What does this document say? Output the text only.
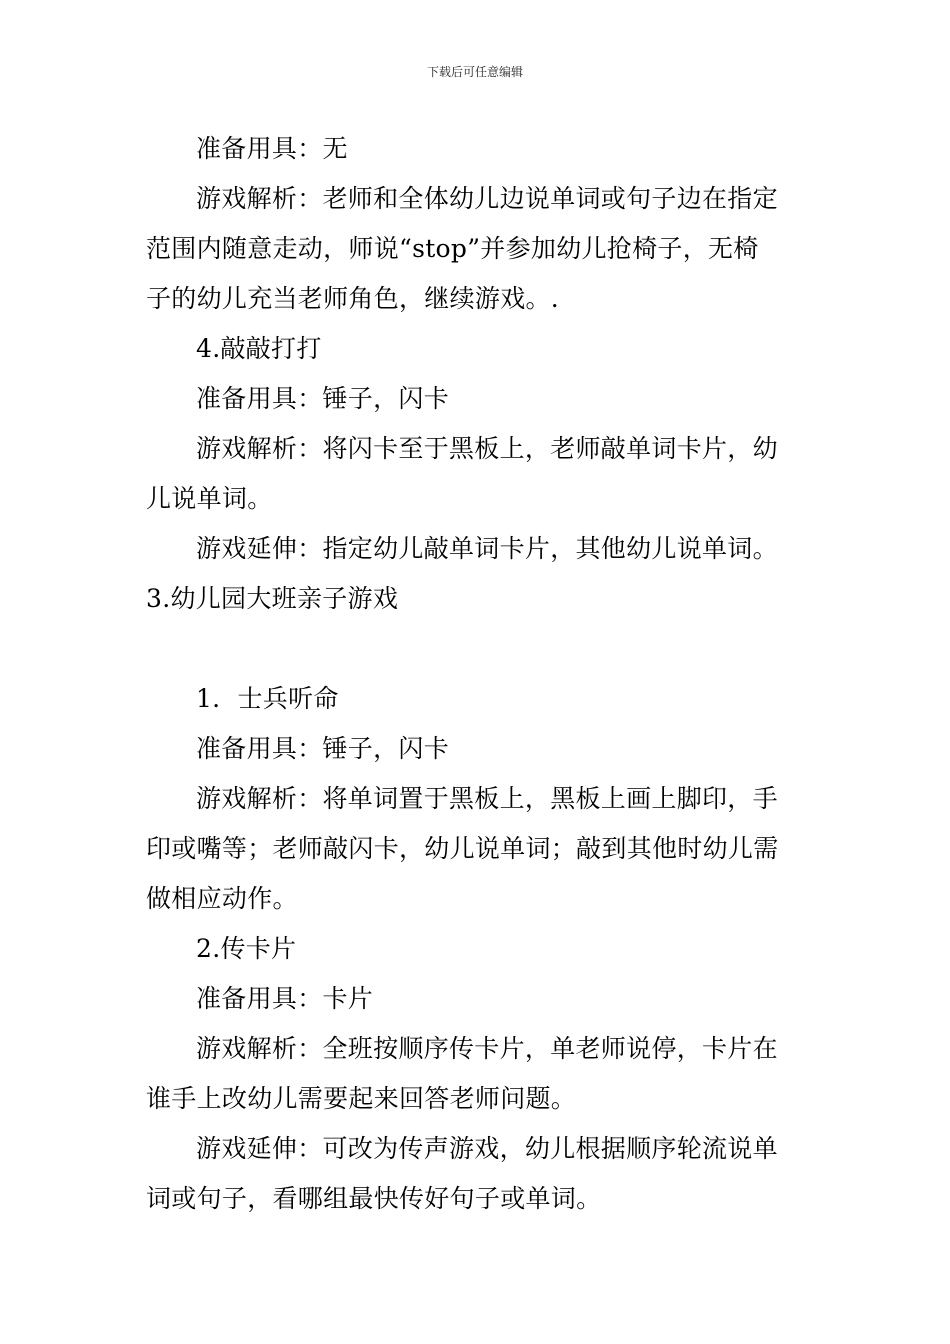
下载后可任意编辑
准备用具：无
游戏解析：老师和全体幼儿边说单词或句子边在指定
范围内随意走动，师说“stop”并参加幼儿抢椅子，无椅
子的幼儿充当老师角色，继续游戏。.
4.敲敲打打
准备用具：锤子，闪卡
游戏解析：将闪卡至于黑板上，老师敲单词卡片，幼
儿说单词。
游戏延伸：指定幼儿敲单词卡片，其他幼儿说单词。
3.幼儿园大班亲子游戏
1．士兵听命
准备用具：锤子，闪卡
游戏解析：将单词置于黑板上，黑板上画上脚印，手
印或嘴等；老师敲闪卡，幼儿说单词；敲到其他时幼儿需
做相应动作。
2.传卡片
准备用具：卡片
游戏解析：全班按顺序传卡片，单老师说停，卡片在
谁手上改幼儿需要起来回答老师问题。
游戏延伸：可改为传声游戏，幼儿根据顺序轮流说单
词或句子，看哪组最快传好句子或单词。
